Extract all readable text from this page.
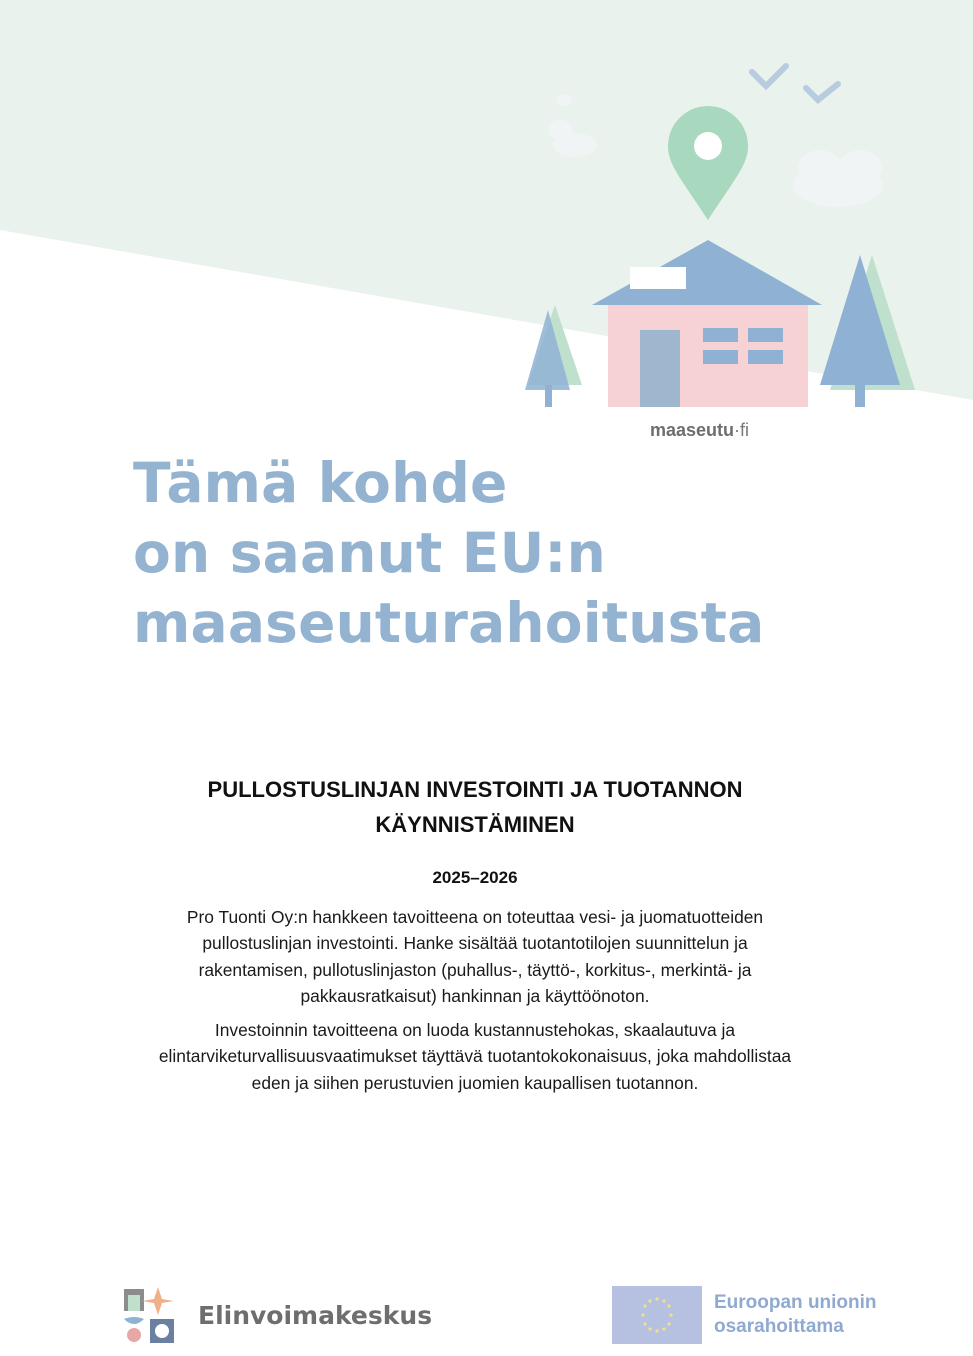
maaseutu·fi
Tämä kohde
on saanut EU:n
maaseuturahoitusta
PULLOSTUSLINJAN INVESTOINTI JA TUOTANNON
KÄYNNISTÄMINEN
2025–2026

Pro Tuonti Oy:n hankkeen tavoitteena on toteuttaa vesi- ja juomatuotteiden
pullostuslinjan investointi. Hanke sisältää tuotantotilojen suunnittelun ja
rakentamisen, pullotuslinjaston (puhallus-, täyttö-, korkitus-, merkintä- ja
pakkausratkaisut) hankinnan ja käyttöönoton.

Investoinnin tavoitteena on luoda kustannustehokas, skaalautuva ja
elintarviketurvallisuusvaatimukset täyttävä tuotantokokonaisuus, joka mahdollistaa
eden ja siihen perustuvien juomien kaupallisen tuotannon.

Elinvoimakeskus	Euroopan unionin
osarahoittama
